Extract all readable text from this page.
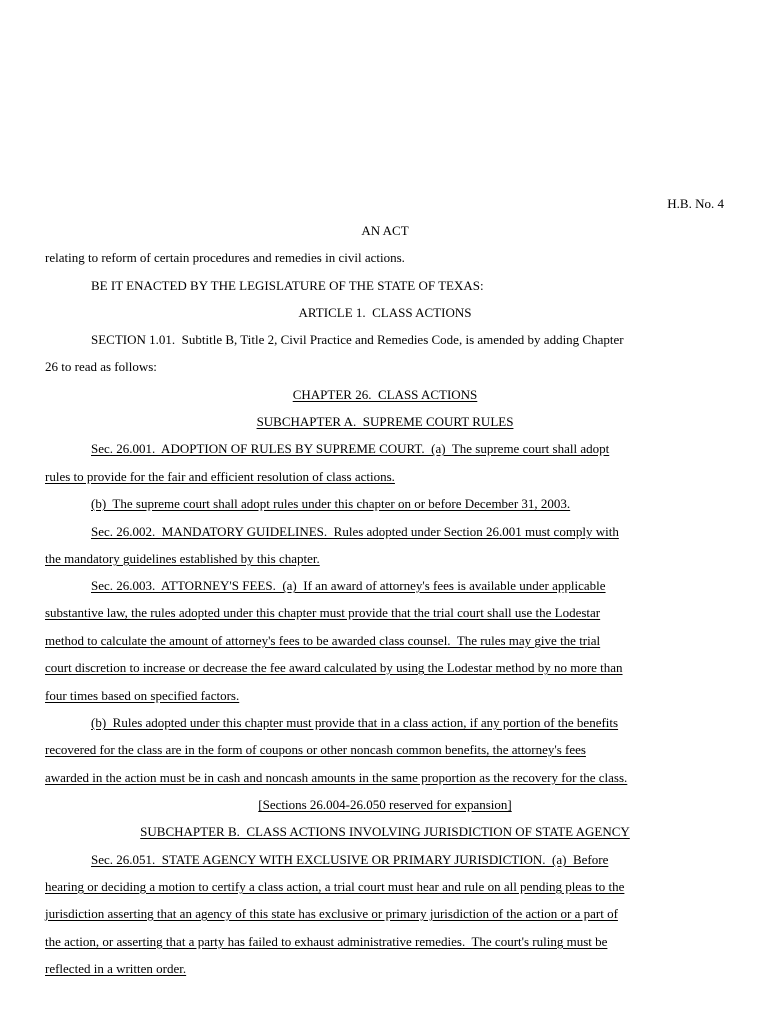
H.B. No. 4
AN ACT
relating to reform of certain procedures and remedies in civil actions.
BE IT ENACTED BY THE LEGISLATURE OF THE STATE OF TEXAS:
ARTICLE 1.  CLASS ACTIONS
SECTION 1.01.  Subtitle B, Title 2, Civil Practice and Remedies Code, is amended by adding Chapter
26 to read as follows:
CHAPTER 26.  CLASS ACTIONS
SUBCHAPTER A.  SUPREME COURT RULES
Sec. 26.001.  ADOPTION OF RULES BY SUPREME COURT.  (a)  The supreme court shall adopt
rules to provide for the fair and efficient resolution of class actions.
(b)  The supreme court shall adopt rules under this chapter on or before December 31, 2003.
Sec. 26.002.  MANDATORY GUIDELINES.  Rules adopted under Section 26.001 must comply with
the mandatory guidelines established by this chapter.
Sec. 26.003.  ATTORNEY'S FEES.  (a)  If an award of attorney's fees is available under applicable
substantive law, the rules adopted under this chapter must provide that the trial court shall use the Lodestar
method to calculate the amount of attorney's fees to be awarded class counsel.  The rules may give the trial
court discretion to increase or decrease the fee award calculated by using the Lodestar method by no more than
four times based on specified factors.
(b)  Rules adopted under this chapter must provide that in a class action, if any portion of the benefits
recovered for the class are in the form of coupons or other noncash common benefits, the attorney's fees
awarded in the action must be in cash and noncash amounts in the same proportion as the recovery for the class.
[Sections 26.004-26.050 reserved for expansion]
SUBCHAPTER B.  CLASS ACTIONS INVOLVING JURISDICTION OF STATE AGENCY
Sec. 26.051.  STATE AGENCY WITH EXCLUSIVE OR PRIMARY JURISDICTION.  (a)  Before
hearing or deciding a motion to certify a class action, a trial court must hear and rule on all pending pleas to the
jurisdiction asserting that an agency of this state has exclusive or primary jurisdiction of the action or a part of
the action, or asserting that a party has failed to exhaust administrative remedies.  The court's ruling must be
reflected in a written order.
